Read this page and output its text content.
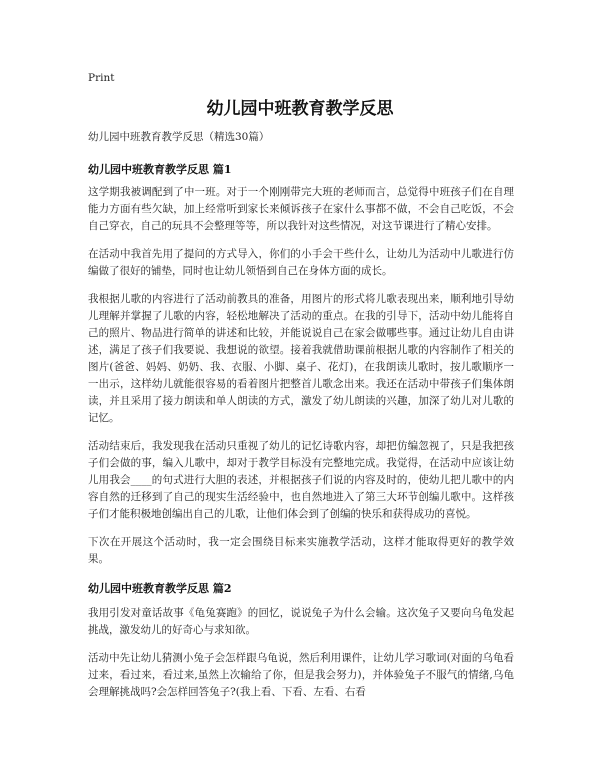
Print
幼儿园中班教育教学反思
幼儿园中班教育教学反思（精选30篇）
幼儿园中班教育教学反思 篇1
这学期我被调配到了中一班。对于一个刚刚带完大班的老师而言，总觉得中班孩子们在自理能力方面有些欠缺，加上经常听到家长来倾诉孩子在家什么事都不做，不会自己吃饭，不会自己穿衣，自己的玩具不会整理等等，所以我针对这些情况，对这节课进行了精心安排。
在活动中我首先用了提问的方式导入，你们的小手会干些什么，让幼儿为活动中儿歌进行仿编做了很好的铺垫，同时也让幼儿领悟到自己在身体方面的成长。
我根据儿歌的内容进行了活动前教具的准备，用图片的形式将儿歌表现出来，顺利地引导幼儿理解并掌握了儿歌的内容，轻松地解决了活动的重点。在我的引导下，活动中幼儿能将自己的照片、物品进行简单的讲述和比较，并能说说自己在家会做哪些事。通过让幼儿自由讲述，满足了孩子们我要说、我想说的欲望。接着我就借助课前根据儿歌的内容制作了相关的图片(爸爸、妈妈、奶奶、我、衣服、小脚、桌子、花灯)，在我朗读儿歌时，按儿歌顺序一一出示，这样幼儿就能很容易的看着图片把整首儿歌念出来。我还在活动中带孩子们集体朗读，并且采用了接力朗读和单人朗读的方式，激发了幼儿朗读的兴趣，加深了幼儿对儿歌的记忆。
活动结束后，我发现我在活动只重视了幼儿的记忆诗歌内容，却把仿编忽视了，只是我把孩子们会做的事，编入儿歌中，却对于教学目标没有完整地完成。我觉得，在活动中应该让幼儿用我会____的句式进行大胆的表述，并根据孩子们说的内容及时的，使幼儿把儿歌中的内容自然的迁移到了自己的现实生活经验中，也自然地进入了第三大环节创编儿歌中。这样孩子们才能积极地创编出自己的儿歌，让他们体会到了创编的快乐和获得成功的喜悦。
下次在开展这个活动时，我一定会围绕目标来实施教学活动，这样才能取得更好的教学效果。
幼儿园中班教育教学反思 篇2
我用引发对童话故事《龟兔赛跑》的回忆，说说兔子为什么会输。这次兔子又要向乌龟发起挑战，激发幼儿的好奇心与求知欲。
活动中先让幼儿猜测小兔子会怎样跟乌龟说，然后利用课件，让幼儿学习歌词(对面的乌龟看过来，看过来，看过来,虽然上次输给了你，但是我会努力)，并体验兔子不服气的情绪,乌龟会理解挑战吗?会怎样回答兔子?(我上看、下看、左看、右看
